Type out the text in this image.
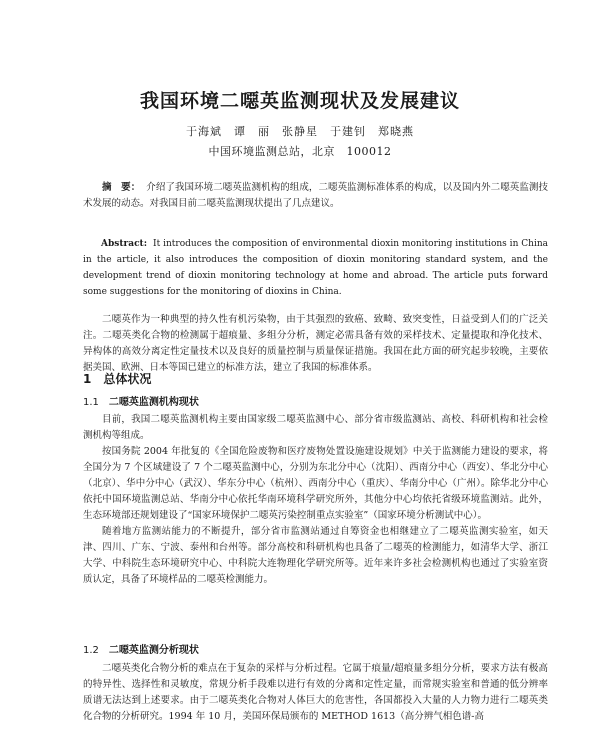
我国环境二噁英监测现状及发展建议
于海斌　谭　丽　张静星　于建钊　郑晓燕
中国环境监测总站，北京　100012
摘　要： 介绍了我国环境二噁英监测机构的组成，二噁英监测标准体系的构成，以及国内外二噁英监测技术发展的动态。对我国目前二噁英监测现状提出了几点建议。
Abstract: It introduces the composition of environmental dioxin monitoring institutions in China in the article, it also introduces the composition of dioxin monitoring standard system, and the development trend of dioxin monitoring technology at home and abroad. The article puts forward some suggestions for the monitoring of dioxins in China.
二噁英作为一种典型的持久性有机污染物，由于其强烈的致癌、致畸、致突变性，日益受到人们的广泛关注。二噁英类化合物的检测属于超痕量、多组分分析，测定必需具备有效的采样技术、定量提取和净化技术、异构体的高效分离定性定量技术以及良好的质量控制与质量保证措施。我国在此方面的研究起步较晚，主要依据美国、欧洲、日本等国已建立的标准方法，建立了我国的标准体系。
1 总体状况
1.1 二噁英监测机构现状

目前，我国二噁英监测机构主要由国家级二噁英监测中心、部分省市级监测站、高校、科研机构和社会检测机构等组成。

按国务院 2004 年批复的《全国危险废物和医疗废物处置设施建设规划》中关于监测能力建设的要求，将全国分为 7 个区域建设了 7 个二噁英监测中心，分别为东北分中心（沈阳）、西南分中心（西安）、华北分中心（北京）、华中分中心（武汉）、华东分中心（杭州）、西南分中心（重庆）、华南分中心（广州）。除华北分中心依托中国环境监测总站、华南分中心依托华南环境科学研究所外，其他分中心均依托省级环境监测站。此外，生态环境部还规划建设了“国家环境保护二噁英污染控制重点实验室”（国家环境分析测试中心）。

随着地方监测站能力的不断提升，部分省市监测站通过自筹资金也相继建立了二噁英监测实验室，如天津、四川、广东、宁波、泰州和台州等。部分高校和科研机构也具备了二噁英的检测能力，如清华大学、浙江大学、中科院生态环境研究中心、中科院大连物理化学研究所等。近年来许多社会检测机构也通过了实验室资质认定，具备了环境样品的二噁英检测能力。

1.2 二噁英监测分析现状

二噁英类化合物分析的难点在于复杂的采样与分析过程。它属于痕量/超痕量多组分分析，要求方法有极高的特异性、选择性和灵敏度，常规分析手段难以进行有效的分离和定性定量，而常规实验室和普通的低分辨率质谱无法达到上述要求。由于二噁英类化合物对人体巨大的危害性，各国都投入大量的人力物力进行二噁英类化合物的分析研究。1994 年 10 月，美国环保局颁布的 METHOD 1613（高分辨气相色谱-高
